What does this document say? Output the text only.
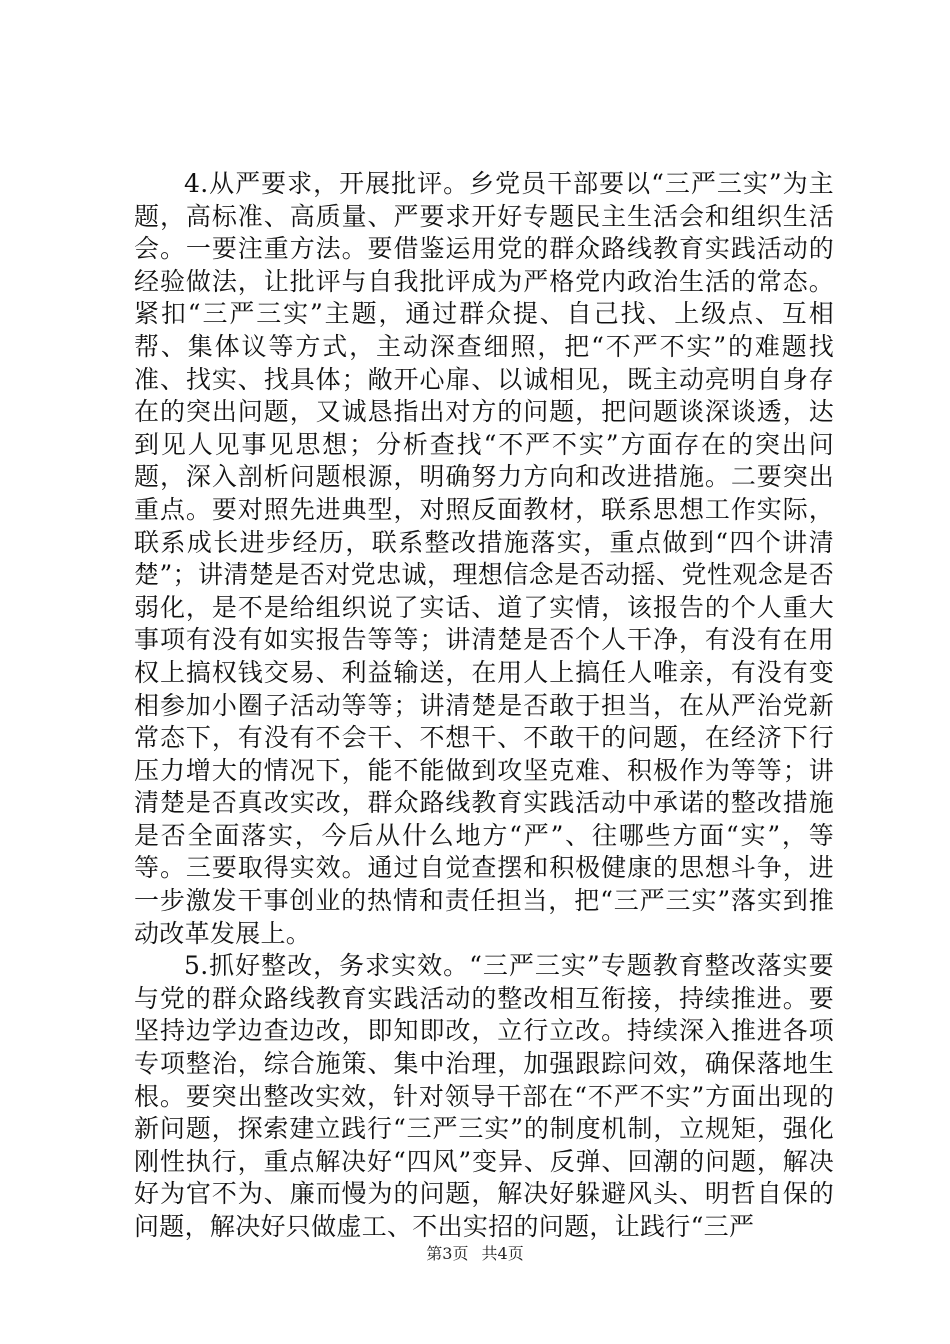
4.从严要求，开展批评。乡党员干部要以“三严三实”为主题，高标准、高质量、严要求开好专题民主生活会和组织生活会。一要注重方法。要借鉴运用党的群众路线教育实践活动的经验做法，让批评与自我批评成为严格党内政治生活的常态。紧扣“三严三实”主题，通过群众提、自己找、上级点、互相帮、集体议等方式，主动深查细照，把“不严不实”的难题找准、找实、找具体；敞开心扉、以诚相见，既主动亮明自身存在的突出问题，又诚恳指出对方的问题，把问题谈深谈透，达到见人见事见思想；分析查找“不严不实”方面存在的突出问题，深入剖析问题根源，明确努力方向和改进措施。二要突出重点。要对照先进典型，对照反面教材，联系思想工作实际，联系成长进步经历，联系整改措施落实，重点做到“四个讲清楚”；讲清楚是否对党忠诚，理想信念是否动摇、党性观念是否弱化，是不是给组织说了实话、道了实情，该报告的个人重大事项有没有如实报告等等；讲清楚是否个人干净，有没有在用权上搞权钱交易、利益输送，在用人上搞任人唯亲，有没有变相参加小圈子活动等等；讲清楚是否敢于担当，在从严治党新常态下，有没有不会干、不想干、不敢干的问题，在经济下行压力增大的情况下，能不能做到攻坚克难、积极作为等等；讲清楚是否真改实改，群众路线教育实践活动中承诺的整改措施是否全面落实，今后从什么地方“严”、往哪些方面“实”，等等。三要取得实效。通过自觉查摆和积极健康的思想斗争，进一步激发干事创业的热情和责任担当，把“三严三实”落实到推动改革发展上。

5.抓好整改，务求实效。“三严三实”专题教育整改落实要与党的群众路线教育实践活动的整改相互衔接，持续推进。要坚持边学边查边改，即知即改，立行立改。持续深入推进各项专项整治，综合施策、集中治理，加强跟踪问效，确保落地生根。要突出整改实效，针对领导干部在“不严不实”方面出现的新问题，探索建立践行“三严三实”的制度机制，立规矩，强化刚性执行，重点解决好“四风”变异、反弹、回潮的问题，解决好为官不为、廉而慢为的问题，解决好躲避风头、明哲自保的问题，解决好只做虚工、不出实招的问题，让践行“三严

第3页 共4页
